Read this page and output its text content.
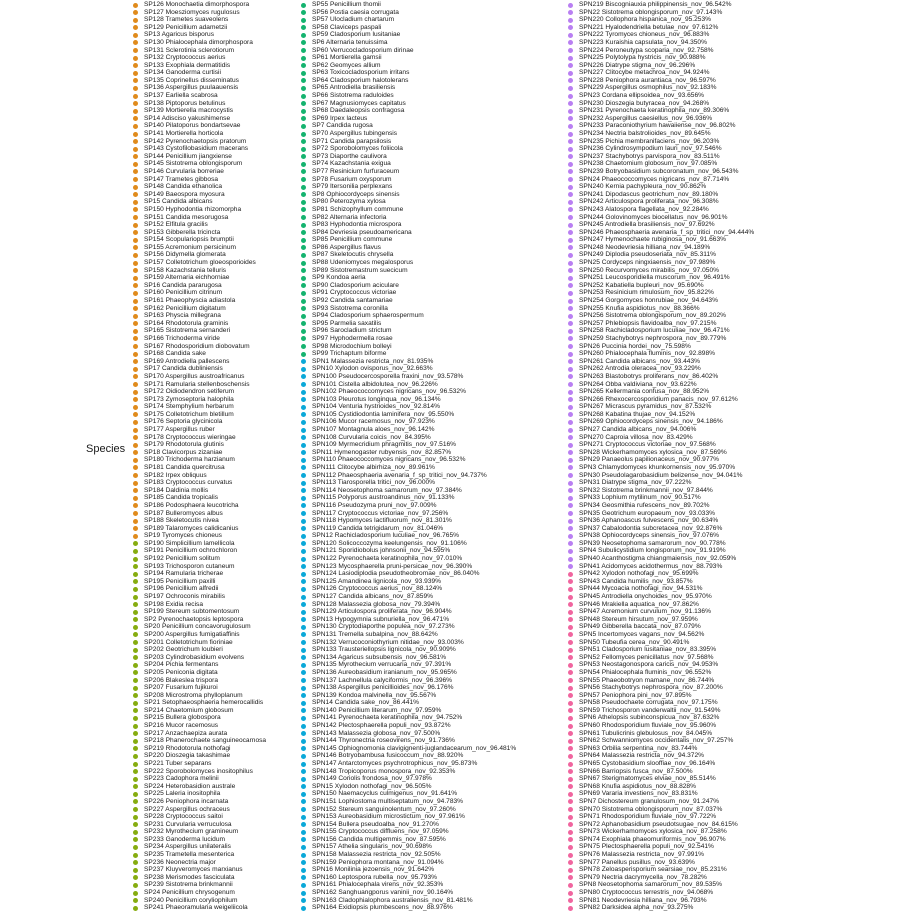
Species
SP126 Monochaetia dimorphospora
SP127 Moesziomyces rugulosus
SP128 Trametes suaveolens
SP129 Penicillium adametzii
SP13 Agaricus bisporus
SP130 Phialocephala dimorphospora
SP131 Sclerotinia sclerotiorum
SP132 Cryptococcus aerius
SP133 Exophiala dermatitidis
SP134 Ganoderma curtisii
SP135 Coprinellus disseminatus
SP136 Aspergillus puulaauensis
SP137 Earliella scabrosa
SP138 Piptoporus betulinus
SP139 Mortierella macrocystis
SP14 Adisciso yakushimense
SP140 Pilatoporus bondartsevae
SP141 Mortierella horticola
SP142 Pyrenochaetopsis pratorum
SP143 Cystofilobasidium macerans
SP144 Penicillium jiangxiense
SP145 Sistotrema oblongisporum
SP146 Curvularia borreriae
SP147 Trametes gibbosa
SP148 Candida ethanolica
SP149 Baeospora myosura
SP15 Candida albicans
SP150 Hyphodontia rhizomorpha
SP151 Candida mesorugosa
SP152 Elfitula gracilis
SP153 Gibberella tricincta
SP154 Scopulariopsis brumptii
SP155 Acremonium persicinum
SP156 Didymella glomerata
SP157 Colletotrichum gloeosporioides
SP158 Kazachstania telluris
SP159 Alternaria eichhorniae
SP16 Candida pararugosa
SP160 Penicillium citrinum
SP161 Phaeophyscia adiastola
SP162 Penicillium digitatum
SP163 Physcia millegrana
SP164 Rhodotorula graminis
SP165 Sistotrema sernanderi
SP166 Trichoderma viride
SP167 Rhodosporidium diobovatum
SP168 Candida sake
SP169 Antrodiella pallescens
SP17 Candida dubliniensis
SP170 Aspergillus austroafricanus
SP171 Ramularia stellenboschensis
SP172 Oidiodendron setiferum
SP173 Zymoseptoria halophila
SP174 Stemphylium herbarum
SP175 Colletotrichum bletillum
SP176 Septoria glycinicola
SP177 Aspergillus ruber
SP178 Cryptococcus wieringae
SP179 Rhodotorula glutinis
SP18 Clavicorpus zizaniae
SP180 Trichoderma harzianum
SP181 Candida quercitrusa
SP182 Irpex obliquus
SP183 Cryptococcus curvatus
SP184 Daldinia mollis
SP185 Candida tropicalis
SP186 Podosphaera leucotricha
SP187 Bulleromyces albus
SP188 Skeletocutis nivea
SP189 Talaromyces calidicanius
SP19 Tyromyces chioneus
SP190 Simplicillium lamellicola
SP191 Penicillium ochrochloron
SP192 Penicillium solitum
SP193 Trichosporon cutaneum
SP194 Ramularia tricherae
SP195 Penicillium paxilli
SP196 Penicillium alfredii
SP197 Ochroconis mirabilis
SP198 Exidia recisa
SP199 Stereum subtomentosum
SP2 Pyrenochaetopsis leptospora
SP20 Penicillium concavorugulosum
SP200 Aspergillus fumigatiaffinis
SP201 Colletotrichum fioriniae
SP202 Geotrichum loubieri
SP203 Cylindrobasidium evolvens
SP204 Pichia fermentans
SP205 Peniconia digitata
SP206 Blakeslea trispora
SP207 Fusarium fujikuroi
SP208 Microstroma phylloplanum
SP21 Setophaeosphaeria hemerocallidis
SP214 Chaetomium globosum
SP215 Bullera globospora
SP216 Mucor racemosus
SP217 Anzachaepiza aurata
SP218 Phanerochaete sanguineocarnosa
SP219 Rhodotorula nothofagi
SP220 Dioszegia takashimae
SP221 Tuber separans
SP222 Sporobolomyces inositophilus
SP223 Cadophora melinii
SP224 Heterobasidion australe
SP225 Laleria inositophila
SP226 Peniophora incarnata
SP227 Aspergillus ochraceus
SP228 Cryptococcus saitoi
SP231 Curvularia verruculosa
SP232 Myrothecium gramineum
SP233 Ganoderma lucidum
SP234 Aspergillus unilateralis
SP235 Trametella mesenterica
SP236 Neonectria major
SP237 Kluyveromyces marxianus
SP238 Merismodes fasciculata
SP239 Sistotrema brinkmannii
SP24 Penicillium chrysogenum
SP240 Penicillium coryliophilum
SP241 Phaeoramularia weigeliicola
SP55 Penicillium thomii
SP56 Postia caesia corrugata
SP57 Ulocladium chartarum
SP58 Claviceps paspali
SP59 Cladosporium lusitaniae
SP6 Alternaria tenuissima
SP60 Verrucocladosporium dirinae
SP61 Mortierella gamsii
SP62 Geomyces allium
SP63 Toxicocladosporium irritans
SP64 Cladosporium halotolerans
SP65 Antrodiella brasiliensis
SP66 Sistotrema raduloides
SP67 Magnusiomyces capitatus
SP68 Daedaleopsis confragosa
SP69 Irpex lacteus
SP7 Candida rugosa
SP70 Aspergillus tubingensis
SP71 Candida parapsilosis
SP72 Sporobolomyces foliicola
SP73 Diaporthe caulivora
SP74 Kazachstania exigua
SP77 Resinicium furfuraceum
SP78 Fusarium oxysporum
SP79 Itersonilia perplexans
SP8 Ophiocordyceps sinensis
SP80 Peterozyma xylosa
SP81 Schizophyllum commune
SP82 Alternaria infectoria
SP83 Hyphodontia microspora
SP84 Devriesia pseudoamericana
SP85 Penicillium commune
SP86 Aspergillus flavus
SP87 Skeletocutis chrysella
SP88 Udeniomyces megalosporus
SP89 Sistotremastrum suecicum
SP9 Kondoa aeria
SP90 Cladosporium aciculare
SP91 Cryptococcus victoriae
SP92 Candida santamariae
SP93 Sistotrema coronilla
SP94 Cladosporium sphaerospermum
SP95 Parmelia saxatilis
SP96 Sarocladium strictum
SP97 Hyphodermella rosae
SP98 Microdochium bolleyi
SP99 Trichaptum biforme
SPN1 Malassezia restricta_nov_81.935%
SPN10 Xylodon ovisporus_nov_92.663%
SPN100 Pseudocercosporella fraxini_nov_93.578%
SPN101 Cistella albidolutea_nov_96.226%
SPN102 Phaeococcomyces nigricans_nov_96.532%
SPN103 Pleurotus longinqua_nov_96.134%
SPN104 Venturia hystrioides_nov_92.814%
SPN105 Cystidiodontia laminifera_nov_95.550%
SPN106 Mucor racemosus_nov_97.923%
SPN107 Montagnula aloes_nov_96.142%
SPN108 Curvularia coicis_nov_84.395%
SPN109 Myrmecridium phragmitis_nov_97.516%
SPN11 Hymenogaster rubyensis_nov_82.857%
SPN110 Phaeococcomyces nigricans_nov_96.532%
SPN111 Clitocybe albirhiza_nov_89.961%
SPN112 Phaeosphaeria avenaria_f_sp_tritici_nov_94.737%
SPN113 Tiarosporella tritici_nov_96.000%
SPN114 Neosetophoma samarorum_nov_97.384%
SPN115 Polyporus austroandinus_nov_91.133%
SPN116 Pseudozyma pruni_nov_97.009%
SPN117 Cryptococcus victoriae_nov_97.256%
SPN118 Hypomyces lactifluorum_nov_81.301%
SPN119 Candida tetrigidarum_nov_81.046%
SPN12 Rachicladosporium luculiae_nov_96.765%
SPN120 Solicoccozyma keelungensis_nov_91.106%
SPN121 Sporidiobolus johnsonii_nov_94.595%
SPN122 Pyrenochaeta keratinophila_nov_97.010%
SPN123 Mycosphaerella pruni-persicae_nov_96.390%
SPN124 Lasiodiplodia pseudotheobromae_nov_86.040%
SPN125 Amandinea lignicola_nov_93.939%
SPN126 Cryptococcus aerius_nov_88.124%
SPN127 Candida albicans_nov_87.859%
SPN128 Malassezia globosa_nov_79.394%
SPN129 Articulospora proliferata_nov_96.904%
SPN13 Hypogymnia subnuriella_nov_96.471%
SPN130 Cryptodiaporthe populea_nov_97.273%
SPN131 Tremella subalpina_nov_88.642%
SPN132 Verrucoconiothyrium nitidae_nov_93.003%
SPN133 Trausteriellopsis lignicola_nov_90.909%
SPN134 Agaricus subsubensis_nov_96.581%
SPN135 Myrothecium verrucaria_nov_97.391%
SPN136 Aureobasidium iranianum_nov_95.965%
SPN137 Lachnellula calyciformis_nov_96.396%
SPN138 Aspergillus penicillioides_nov_96.176%
SPN139 Kondoa malvinella_nov_95.567%
SPN14 Candida sake_nov_86.441%
SPN140 Penicillium literarum_nov_97.959%
SPN141 Pyrenochaeta keratinophila_nov_94.752%
SPN142 Plectosphaerella populi_nov_93.872%
SPN143 Malassezia globosa_nov_97.500%
SPN144 Thyronectria roseovirens_nov_91.736%
SPN145 Ophiognomonia clavigignenti-juglandacearum_nov_96.481%
SPN146 Botryobambusa fusicoccum_nov_88.920%
SPN147 Antarctomyces psychrotrophicus_nov_95.873%
SPN148 Tropicoporus monospora_nov_92.353%
SPN149 Coriolis frondosa_nov_97.978%
SPN15 Xylodon nothofagi_nov_96.505%
SPN150 Naemacyclus culmigenus_nov_91.641%
SPN151 Lophiostoma multiseptatum_nov_94.783%
SPN152 Stereum sanguinolentum_nov_97.260%
SPN153 Aureobasidium microstictum_nov_97.961%
SPN154 Bullera pseudoalba_nov_91.270%
SPN155 Cryptococcus diffluens_nov_97.059%
SPN156 Candida multigemmis_nov_87.595%
SPN157 Athelia singularis_nov_90.698%
SPN158 Malassezia restricta_nov_92.505%
SPN159 Peniophora montana_nov_91.094%
SPN16 Monilinia jezoensis_nov_91.642%
SPN160 Leptospora rubella_nov_95.793%
SPN161 Phialocephala virens_nov_92.353%
SPN162 Sanghuangporus vaninii_nov_90.164%
SPN163 Cladophialophora australiensis_nov_81.481%
SPN164 Exidiopsis plumbescens_nov_88.976%
SPN219 Biscogniauxia philippinensis_nov_96.542%
SPN22 Sistotrema oblongisporum_nov_97.143%
SPN220 Collophora hispanica_nov_95.253%
SPN221 Hyalodendriella betulae_nov_97.612%
SPN222 Tyromyces chioneus_nov_96.883%
SPN223 Kuraishia capsulata_nov_94.350%
SPN224 Peroneutypa scoparia_nov_92.758%
SPN225 Polytolypa hystricis_nov_90.988%
SPN226 Diatrype stigma_nov_96.296%
SPN227 Clitocybe metachroa_nov_94.924%
SPN228 Peniophora aurantiaca_nov_96.597%
SPN229 Aspergillus osmophilus_nov_92.183%
SPN23 Cordana ellipsoidea_nov_93.656%
SPN230 Dioszegia butyracea_nov_94.268%
SPN231 Pyrenochaeta keratinophila_nov_89.306%
SPN232 Aspergillus caesiellus_nov_96.936%
SPN233 Paraconiothyrium hawaiiense_nov_96.802%
SPN234 Nectria balstrolioides_nov_89.645%
SPN235 Pichia membranifaciens_nov_96.203%
SPN236 Cylindrosympodium lauri_nov_97.546%
SPN237 Stachybotrys parvispora_nov_83.511%
SPN238 Chaetomium globosum_nov_97.085%
SPN239 Botryobasidium subcoronatum_nov_96.543%
SPN24 Phaeococcomyces nigricans_nov_87.714%
SPN240 Kernia pachypleura_nov_90.862%
SPN241 Dipodascus geotrichum_nov_89.180%
SPN242 Articulospora proliferata_nov_96.308%
SPN243 Alatospora flagellata_nov_92.284%
SPN244 Golovinomyces biocellatus_nov_96.901%
SPN245 Antrodiella brasiliensis_nov_97.692%
SPN246 Phaeosphaeria avenaria_f_sp_tritici_nov_94.444%
SPN247 Hymenochaete rubiginosa_nov_91.663%
SPN248 Neodevriesia hilliana_nov_94.189%
SPN249 Diplodia pseudoseriata_nov_85.311%
SPN25 Cordyceps ningxiaensis_nov_97.989%
SPN250 Recurvomyces mirabilis_nov_97.050%
SPN251 Leucosporidiella muscorum_nov_96.491%
SPN252 Kabatiella bupleuri_nov_95.690%
SPN253 Resinicium rimulosum_nov_95.822%
SPN254 Gorgomyces honrubiae_nov_94.643%
SPN255 Knufia aspidiotus_nov_88.366%
SPN256 Sistotrema oblongisporum_nov_89.202%
SPN257 Phlebiopsis flavidoalba_nov_97.215%
SPN258 Rachicladosporium luculiae_nov_96.471%
SPN259 Stachybotrys nephrospora_nov_89.779%
SPN26 Puccinia hordei_nov_75.598%
SPN260 Phialocephala fluminis_nov_92.898%
SPN261 Candida albicans_nov_93.443%
SPN262 Antrodia oleracea_nov_93.229%
SPN263 Blastobotrys proliferans_nov_86.402%
SPN264 Obba valdiviana_nov_93.622%
SPN265 Kellermania confusa_nov_88.952%
SPN266 Rhexocercosporidium panacis_nov_97.612%
SPN267 Micrascus pyramidus_nov_87.532%
SPN268 Kabatina thujae_nov_94.152%
SPN269 Ophiocordyceps sinensis_nov_94.186%
SPN27 Candida albicans_nov_94.006%
SPN270 Caproia villosa_nov_83.429%
SPN271 Cryptococcus victoriae_nov_97.568%
SPN28 Wickerhamomyces xylosica_nov_87.569%
SPN29 Panaeolus papilionaceus_nov_90.977%
SPN3 Chlamydomyces khunkornensis_nov_95.970%
SPN30 Pseudolagarobasidium belizense_nov_94.041%
SPN31 Diatrype stigma_nov_97.222%
SPN32 Sistotrema brinkmannii_nov_97.844%
SPN33 Lophium mytilinum_nov_90.517%
SPN34 Geosmithia rufescens_nov_89.702%
SPN35 Geotrichum europaeum_nov_93.033%
SPN36 Aphanoascus fulvescens_nov_90.634%
SPN37 Cabalodontia subcretacea_nov_92.876%
SPN38 Ophiocordyceps sinensis_nov_97.076%
SPN39 Neosetophoma samarorum_nov_90.778%
SPN4 Subulicystidium longisporum_nov_91.919%
SPN40 Acanthostigma chiangmaiensis_nov_92.059%
SPN41 Acidomyces acidothermus_nov_88.793%
SPN42 Xylodon nothofagi_nov_95.699%
SPN43 Candida humilis_nov_93.857%
SPN44 Mycoacia nothofagi_nov_94.531%
SPN45 Antrodiella onychoides_nov_95.970%
SPN46 Mrakiella aquatica_nov_97.862%
SPN47 Acremonium curvulum_nov_91.136%
SPN48 Stereum hirsutum_nov_97.959%
SPN49 Gibberella baccata_nov_87.079%
SPN5 Incertomyces vagans_nov_94.562%
SPN50 Tubeufia cerea_nov_90.491%
SPN51 Cladosporium lusitaniae_nov_83.395%
SPN52 Fellomyces penicillatus_nov_97.568%
SPN53 Neostagonospora caricis_nov_94.953%
SPN54 Phialocephala fluminis_nov_96.552%
SPN55 Phaeobotryon mamane_nov_86.744%
SPN56 Stachybotrys nephrospora_nov_87.200%
SPN57 Peniophora pini_nov_97.895%
SPN58 Pseudochaete corrugata_nov_97.175%
SPN59 Trichosporon vanderwaltii_nov_91.549%
SPN6 Athelopsis subinconspicua_nov_87.632%
SPN60 Rhodosporidium fluviale_nov_95.960%
SPN61 Tubulicrinis glebulosus_nov_84.045%
SPN62 Schwanniomyces occidentalis_nov_97.257%
SPN63 Orbilia serpentina_nov_83.744%
SPN64 Malassezia restricta_nov_94.372%
SPN65 Cystobasidium slooffiae_nov_96.164%
SPN66 Barriopsis fusca_nov_87.500%
SPN67 Sterigmatomyces elviae_nov_85.514%
SPN68 Knufia aspidiotus_nov_88.828%
SPN69 Vararia investiens_nov_83.831%
SPN7 Dichostereum granulosum_nov_91.247%
SPN70 Sistotrema oblongisporum_nov_87.037%
SPN71 Rhodosporidium fluviale_nov_97.722%
SPN72 Aphanobasidium pseudotsugae_nov_84.615%
SPN73 Wickerhamomyces xylosica_nov_87.258%
SPN74 Exophiala phaeomuriformis_nov_96.907%
SPN75 Plectosphaerella populi_nov_92.541%
SPN76 Malassezia restricta_nov_97.991%
SPN77 Panellus pusillus_nov_93.639%
SPN78 Zeloasperisporium searsiae_nov_85.231%
SPN79 Nectria dacrymycella_nov_78.282%
SPN8 Neosetophoma samarorum_nov_89.535%
SPN80 Cryptococcus terrestris_nov_94.068%
SPN81 Neodevriesia hilliana_nov_96.793%
SPN82 Darksidea alpha_nov_93.275%
